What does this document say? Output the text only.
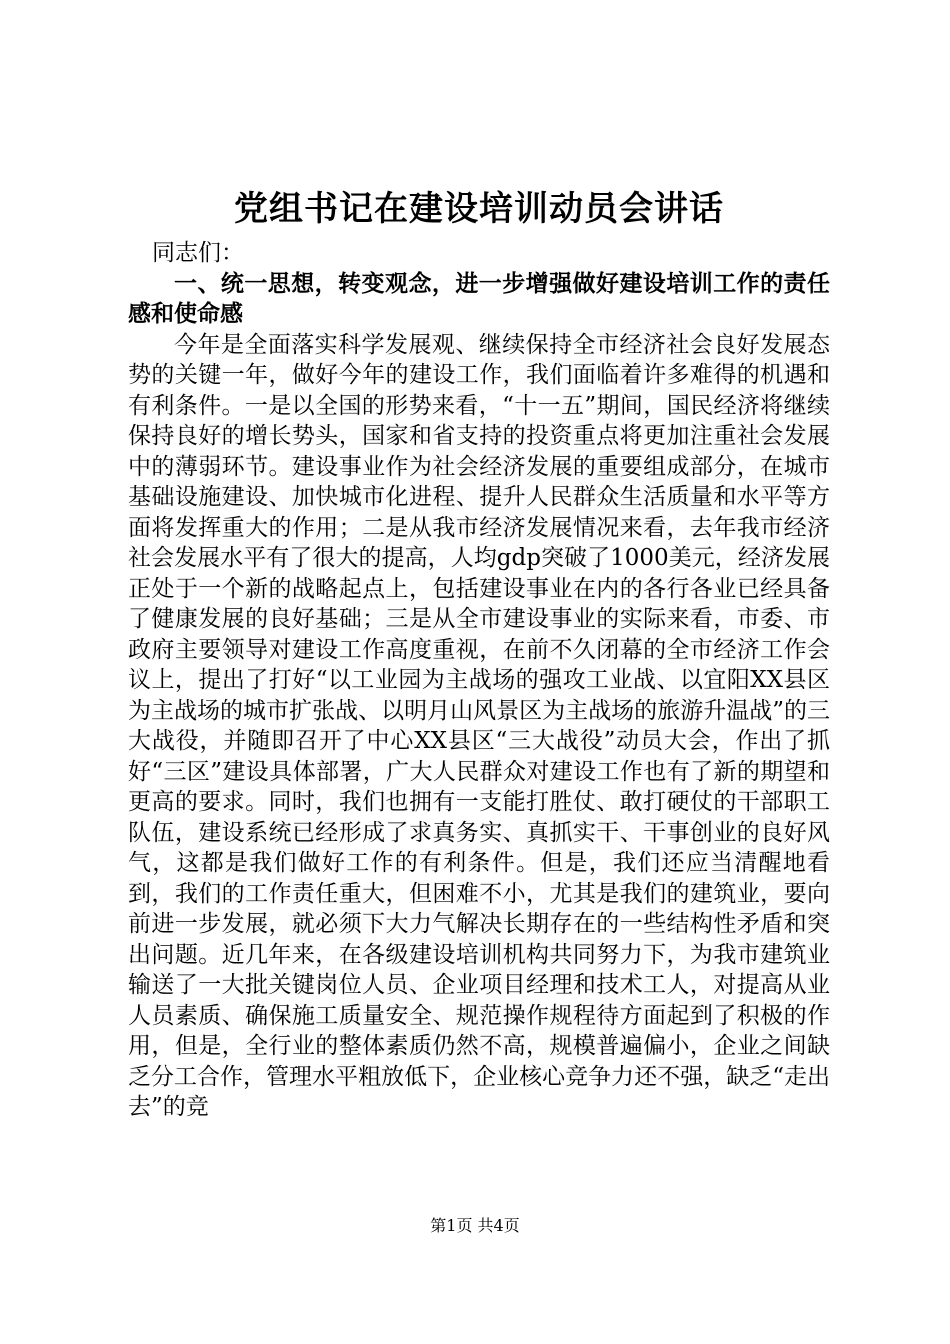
党组书记在建设培训动员会讲话

同志们：

一、统一思想，转变观念，进一步增强做好建设培训工作的责任感和使命感

今年是全面落实科学发展观、继续保持全市经济社会良好发展态势的关键一年，做好今年的建设工作，我们面临着许多难得的机遇和有利条件。一是以全国的形势来看，“十一五”期间，国民经济将继续保持良好的增长势头，国家和省支持的投资重点将更加注重社会发展中的薄弱环节。建设事业作为社会经济发展的重要组成部分，在城市基础设施建设、加快城市化进程、提升人民群众生活质量和水平等方面将发挥重大的作用；二是从我市经济发展情况来看，去年我市经济社会发展水平有了很大的提高，人均gdp突破了1000美元，经济发展正处于一个新的战略起点上，包括建设事业在内的各行各业已经具备了健康发展的良好基础；三是从全市建设事业的实际来看，市委、市政府主要领导对建设工作高度重视，在前不久闭幕的全市经济工作会议上，提出了打好“以工业园为主战场的强攻工业战、以宜阳XX县区为主战场的城市扩张战、以明月山风景区为主战场的旅游升温战”的三大战役，并随即召开了中心XX县区“三大战役”动员大会，作出了抓好“三区”建设具体部署，广大人民群众对建设工作也有了新的期望和更高的要求。同时，我们也拥有一支能打胜仗、敢打硬仗的干部职工队伍，建设系统已经形成了求真务实、真抓实干、干事创业的良好风气，这都是我们做好工作的有利条件。但是，我们还应当清醒地看到，我们的工作责任重大，但困难不小，尤其是我们的建筑业，要向前进一步发展，就必须下大力气解决长期存在的一些结构性矛盾和突出问题。近几年来，在各级建设培训机构共同努力下，为我市建筑业输送了一大批关键岗位人员、企业项目经理和技术工人，对提高从业人员素质、确保施工质量安全、规范操作规程待方面起到了积极的作用，但是，全行业的整体素质仍然不高，规模普遍偏小，企业之间缺乏分工合作，管理水平粗放低下，企业核心竞争力还不强，缺乏“走出去”的竞

第1页 共4页
